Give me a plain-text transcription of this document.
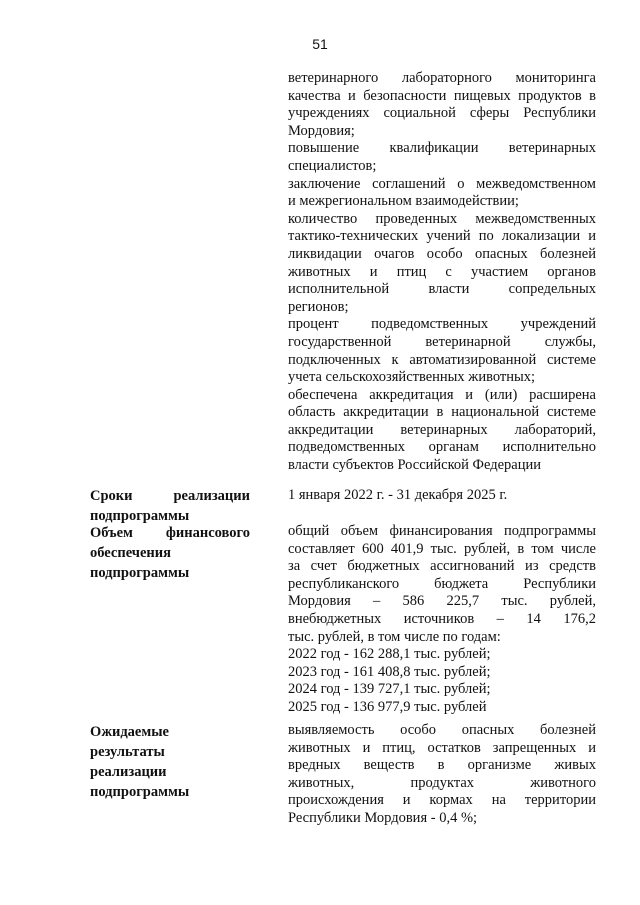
51
ветеринарного лабораторного мониторинга
качества и безопасности пищевых продуктов в
учреждениях социальной сферы Республики
Мордовия;
повышение квалификации ветеринарных
специалистов;
заключение соглашений о межведомственном
и межрегиональном взаимодействии;
количество проведенных межведомственных
тактико-технических учений по локализации и
ликвидации очагов особо опасных болезней
животных и птиц с участием органов
исполнительной власти сопредельных
регионов;
процент подведомственных учреждений
государственной ветеринарной службы,
подключенных к автоматизированной системе
учета сельскохозяйственных животных;
обеспечена аккредитация и (или) расширена
область аккредитации в национальной системе
аккредитации ветеринарных лабораторий,
подведомственных органам исполнительно
власти субъектов Российской Федерации
Сроки реализации
подпрограммы
1 января 2022 г. - 31 декабря 2025 г.
Объем финансового
обеспечения
подпрограммы
общий объем финансирования подпрограммы
составляет 600 401,9 тыс. рублей, в том числе
за счет бюджетных ассигнований из средств
республиканского бюджета Республики
Мордовия – 586 225,7 тыс. рублей,
внебюджетных источников – 14 176,2
тыс. рублей, в том числе по годам:
2022 год - 162 288,1 тыс. рублей;
2023 год - 161 408,8 тыс. рублей;
2024 год - 139 727,1 тыс. рублей;
2025 год - 136 977,9 тыс. рублей
Ожидаемые
результаты
реализации
подпрограммы
выявляемость особо опасных болезней
животных и птиц, остатков запрещенных и
вредных веществ в организме живых
животных, продуктах животного
происхождения и кормах на территории
Республики Мордовия - 0,4 %;
